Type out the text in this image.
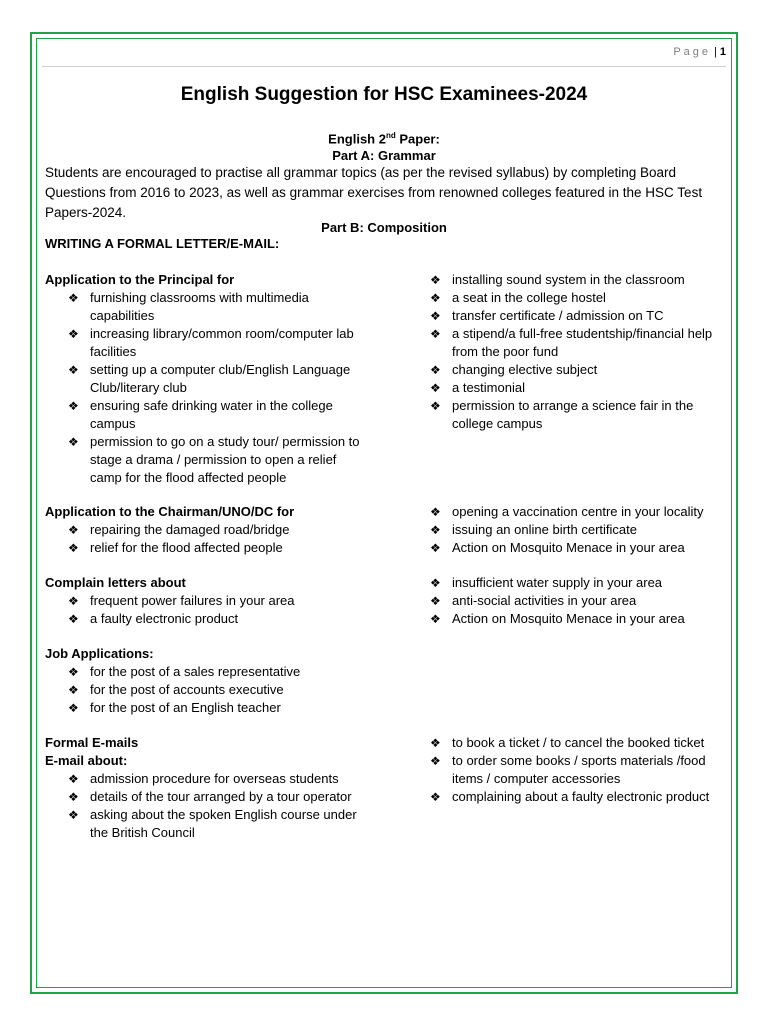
Page | 1
English Suggestion for HSC Examinees-2024
English 2nd Paper:
Part A: Grammar
Students are encouraged to practise all grammar topics (as per the revised syllabus) by completing Board Questions from 2016 to 2023, as well as grammar exercises from renowned colleges featured in the HSC Test Papers-2024.
Part B: Composition
WRITING A FORMAL LETTER/E-MAIL:
Application to the Principal for
❖ furnishing classrooms with multimedia capabilities
❖ increasing library/common room/computer lab facilities
❖ setting up a computer club/English Language Club/literary club
❖ ensuring safe drinking water in the college campus
❖ permission to go on a study tour/ permission to stage a drama / permission to open a relief camp for the flood affected people
❖ installing sound system in the classroom
❖ a seat in the college hostel
❖ transfer certificate / admission on TC
❖ a stipend/a full-free studentship/financial help from the poor fund
❖ changing elective subject
❖ a testimonial
❖ permission to arrange a science fair in the college campus
Application to the Chairman/UNO/DC for
❖ repairing the damaged road/bridge
❖ relief for the flood affected people
❖ opening a vaccination centre in your locality
❖ issuing an online birth certificate
❖ Action on Mosquito Menace in your area
Complain letters about
❖ frequent power failures in your area
❖ a faulty electronic product
❖ insufficient water supply in your area
❖ anti-social activities in your area
❖ Action on Mosquito Menace in your area
Job Applications:
❖ for the post of a sales representative
❖ for the post of accounts executive
❖ for the post of an English teacher
Formal E-mails
E-mail about:
❖ admission procedure for overseas students
❖ details of the tour arranged by a tour operator
❖ asking about the spoken English course under the British Council
❖ to book a ticket / to cancel the booked ticket
❖ to order some books / sports materials /food items / computer accessories
❖ complaining about a faulty electronic product
